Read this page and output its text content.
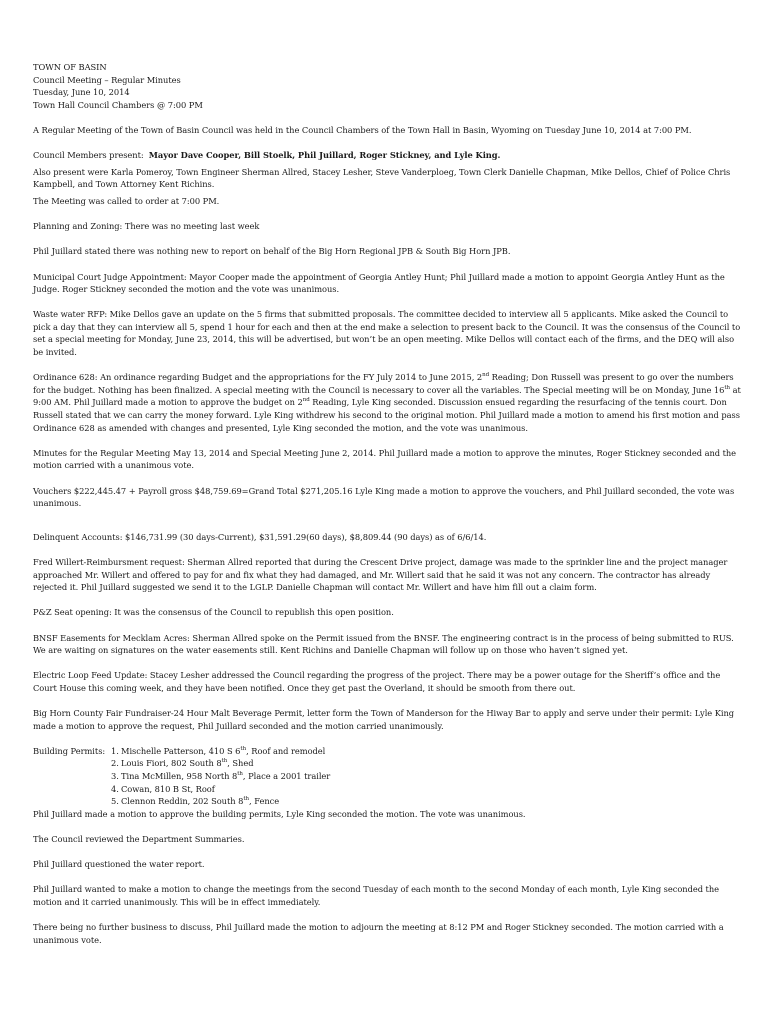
TOWN OF BASIN

Council Meeting – Regular Minutes

Tuesday, June 10, 2014

Town Hall Council Chambers @ 7:00 PM

A Regular Meeting of the Town of Basin Council was held in the Council Chambers of the Town Hall in Basin, Wyoming on Tuesday June 10, 2014 at 7:00 PM.

Council Members present: Mayor Dave Cooper, Bill Stoelk, Phil Juillard, Roger Stickney, and Lyle King.

Also present were Karla Pomeroy, Town Engineer Sherman Allred, Stacey Lesher, Steve Vanderploeg, Town Clerk Danielle Chapman, Mike Dellos, Chief of Police Chris Kampbell, and Town Attorney Kent Richins.

The Meeting was called to order at 7:00 PM.

Planning and Zoning: There was no meeting last week

Phil Juillard stated there was nothing new to report on behalf of the Big Horn Regional JPB & South Big Horn JPB.

Municipal Court Judge Appointment: Mayor Cooper made the appointment of Georgia Antley Hunt; Phil Juillard made a motion to appoint Georgia Antley Hunt as the Judge. Roger Stickney seconded the motion and the vote was unanimous.

Waste water RFP: Mike Dellos gave an update on the 5 firms that submitted proposals. The committee decided to interview all 5 applicants. Mike asked the Council to pick a day that they can interview all 5, spend 1 hour for each and then at the end make a selection to present back to the Council. It was the consensus of the Council to set a special meeting for Monday, June 23, 2014, this will be advertised, but won’t be an open meeting. Mike Dellos will contact each of the firms, and the DEQ will also be invited.

Ordinance 628: An ordinance regarding Budget and the appropriations for the FY July 2014 to June 2015, 2nd Reading; Don Russell was present to go over the numbers for the budget. Nothing has been finalized. A special meeting with the Council is necessary to cover all the variables. The Special meeting will be on Monday, June 16th at 9:00 AM. Phil Juillard made a motion to approve the budget on 2nd Reading, Lyle King seconded. Discussion ensued regarding the resurfacing of the tennis court. Don Russell stated that we can carry the money forward. Lyle King withdrew his second to the original motion. Phil Juillard made a motion to amend his first motion and pass Ordinance 628 as amended with changes and presented, Lyle King seconded the motion, and the vote was unanimous.

Minutes for the Regular Meeting May 13, 2014 and Special Meeting June 2, 2014. Phil Juillard made a motion to approve the minutes, Roger Stickney seconded and the motion carried with a unanimous vote.

Vouchers $222,445.47 + Payroll gross $48,759.69=Grand Total $271,205.16 Lyle King made a motion to approve the vouchers, and Phil Juillard seconded, the vote was unanimous.

Delinquent Accounts: $146,731.99 (30 days-Current), $31,591.29(60 days), $8,809.44 (90 days) as of 6/6/14.

Fred Willert-Reimbursment request: Sherman Allred reported that during the Crescent Drive project, damage was made to the sprinkler line and the project manager approached Mr. Willert and offered to pay for and fix what they had damaged, and Mr. Willert said that he said it was not any concern. The contractor has already rejected it. Phil Juillard suggested we send it to the LGLP. Danielle Chapman will contact Mr. Willert and have him fill out a claim form.

P&Z Seat opening: It was the consensus of the Council to republish this open position.

BNSF Easements for Mecklam Acres: Sherman Allred spoke on the Permit issued from the BNSF. The engineering contract is in the process of being submitted to RUS. We are waiting on signatures on the water easements still. Kent Richins and Danielle Chapman will follow up on those who haven’t signed yet.

Electric Loop Feed Update: Stacey Lesher addressed the Council regarding the progress of the project. There may be a power outage for the Sheriff’s office and the Court House this coming week, and they have been notified. Once they get past the Overland, it should be smooth from there out.

Big Horn County Fair Fundraiser-24 Hour Malt Beverage Permit, letter form the Town of Manderson for the Hiway Bar to apply and serve under their permit: Lyle King made a motion to approve the request, Phil Juillard seconded and the motion carried unanimously.

Building Permits: 1. Mischelle Patterson, 410 S 6th, Roof and remodel
2. Louis Fiori, 802 South 8th, Shed
3. Tina McMillen, 958 North 8th, Place a 2001 trailer
4. Cowan, 810 B St, Roof
5. Clennon Reddin, 202 South 8th, Fence

Phil Juillard made a motion to approve the building permits, Lyle King seconded the motion. The vote was unanimous.

The Council reviewed the Department Summaries.

Phil Juillard questioned the water report.

Phil Juillard wanted to make a motion to change the meetings from the second Tuesday of each month to the second Monday of each month, Lyle King seconded the motion and it carried unanimously. This will be in effect immediately.

There being no further business to discuss, Phil Juillard made the motion to adjourn the meeting at 8:12 PM and Roger Stickney seconded. The motion carried with a unanimous vote.
